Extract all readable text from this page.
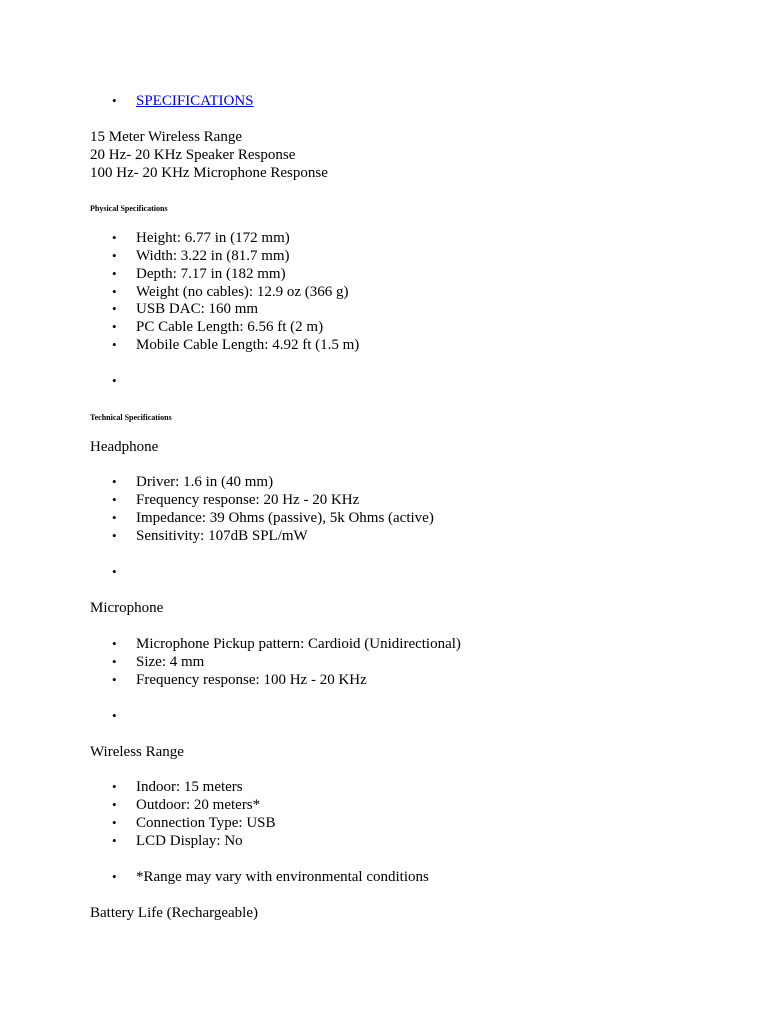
• SPECIFICATIONS
15 Meter Wireless Range
20 Hz- 20 KHz Speaker Response
100 Hz- 20 KHz Microphone Response
Physical Specifications
• Height: 6.77 in (172 mm)
• Width: 3.22 in (81.7 mm)
• Depth: 7.17 in (182 mm)
• Weight (no cables): 12.9 oz (366 g)
• USB DAC: 160 mm
• PC Cable Length: 6.56 ft (2 m)
• Mobile Cable Length: 4.92 ft (1.5 m)
•
Technical Specifications
Headphone
• Driver: 1.6 in (40 mm)
• Frequency response: 20 Hz - 20 KHz
• Impedance: 39 Ohms (passive), 5k Ohms (active)
• Sensitivity: 107dB SPL/mW
•
Microphone
• Microphone Pickup pattern: Cardioid (Unidirectional)
• Size: 4 mm
• Frequency response: 100 Hz - 20 KHz
•
Wireless Range
• Indoor: 15 meters
• Outdoor: 20 meters*
• Connection Type: USB
• LCD Display: No
• *Range may vary with environmental conditions
Battery Life (Rechargeable)
